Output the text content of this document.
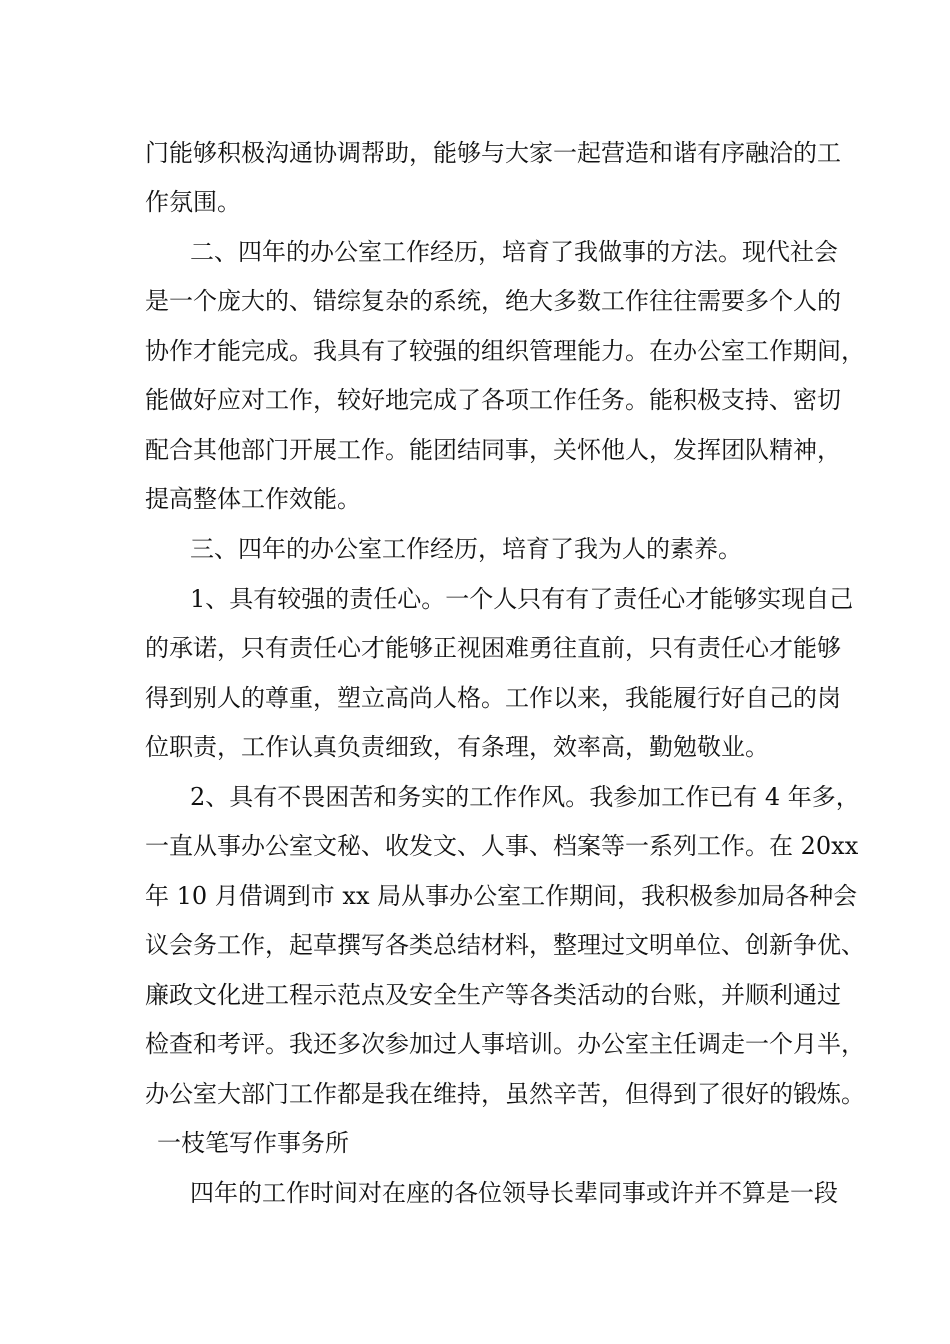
门能够积极沟通协调帮助，能够与大家一起营造和谐有序融洽的工
作氛围。
二、四年的办公室工作经历，培育了我做事的方法。现代社会
是一个庞大的、错综复杂的系统，绝大多数工作往往需要多个人的
协作才能完成。我具有了较强的组织管理能力。在办公室工作期间，
能做好应对工作，较好地完成了各项工作任务。能积极支持、密切
配合其他部门开展工作。能团结同事，关怀他人，发挥团队精神，
提高整体工作效能。
三、四年的办公室工作经历，培育了我为人的素养。
1、具有较强的责任心。一个人只有有了责任心才能够实现自己
的承诺，只有责任心才能够正视困难勇往直前，只有责任心才能够
得到别人的尊重，塑立高尚人格。工作以来，我能履行好自己的岗
位职责，工作认真负责细致，有条理，效率高，勤勉敬业。
2、具有不畏困苦和务实的工作作风。我参加工作已有 4 年多，
一直从事办公室文秘、收发文、人事、档案等一系列工作。在 20xx
年 10 月借调到市 xx 局从事办公室工作期间，我积极参加局各种会
议会务工作，起草撰写各类总结材料，整理过文明单位、创新争优、
廉政文化进工程示范点及安全生产等各类活动的台账，并顺利通过
检查和考评。我还多次参加过人事培训。办公室主任调走一个月半，
办公室大部门工作都是我在维持，虽然辛苦，但得到了很好的锻炼。
一枝笔写作事务所
四年的工作时间对在座的各位领导长辈同事或许并不算是一段
